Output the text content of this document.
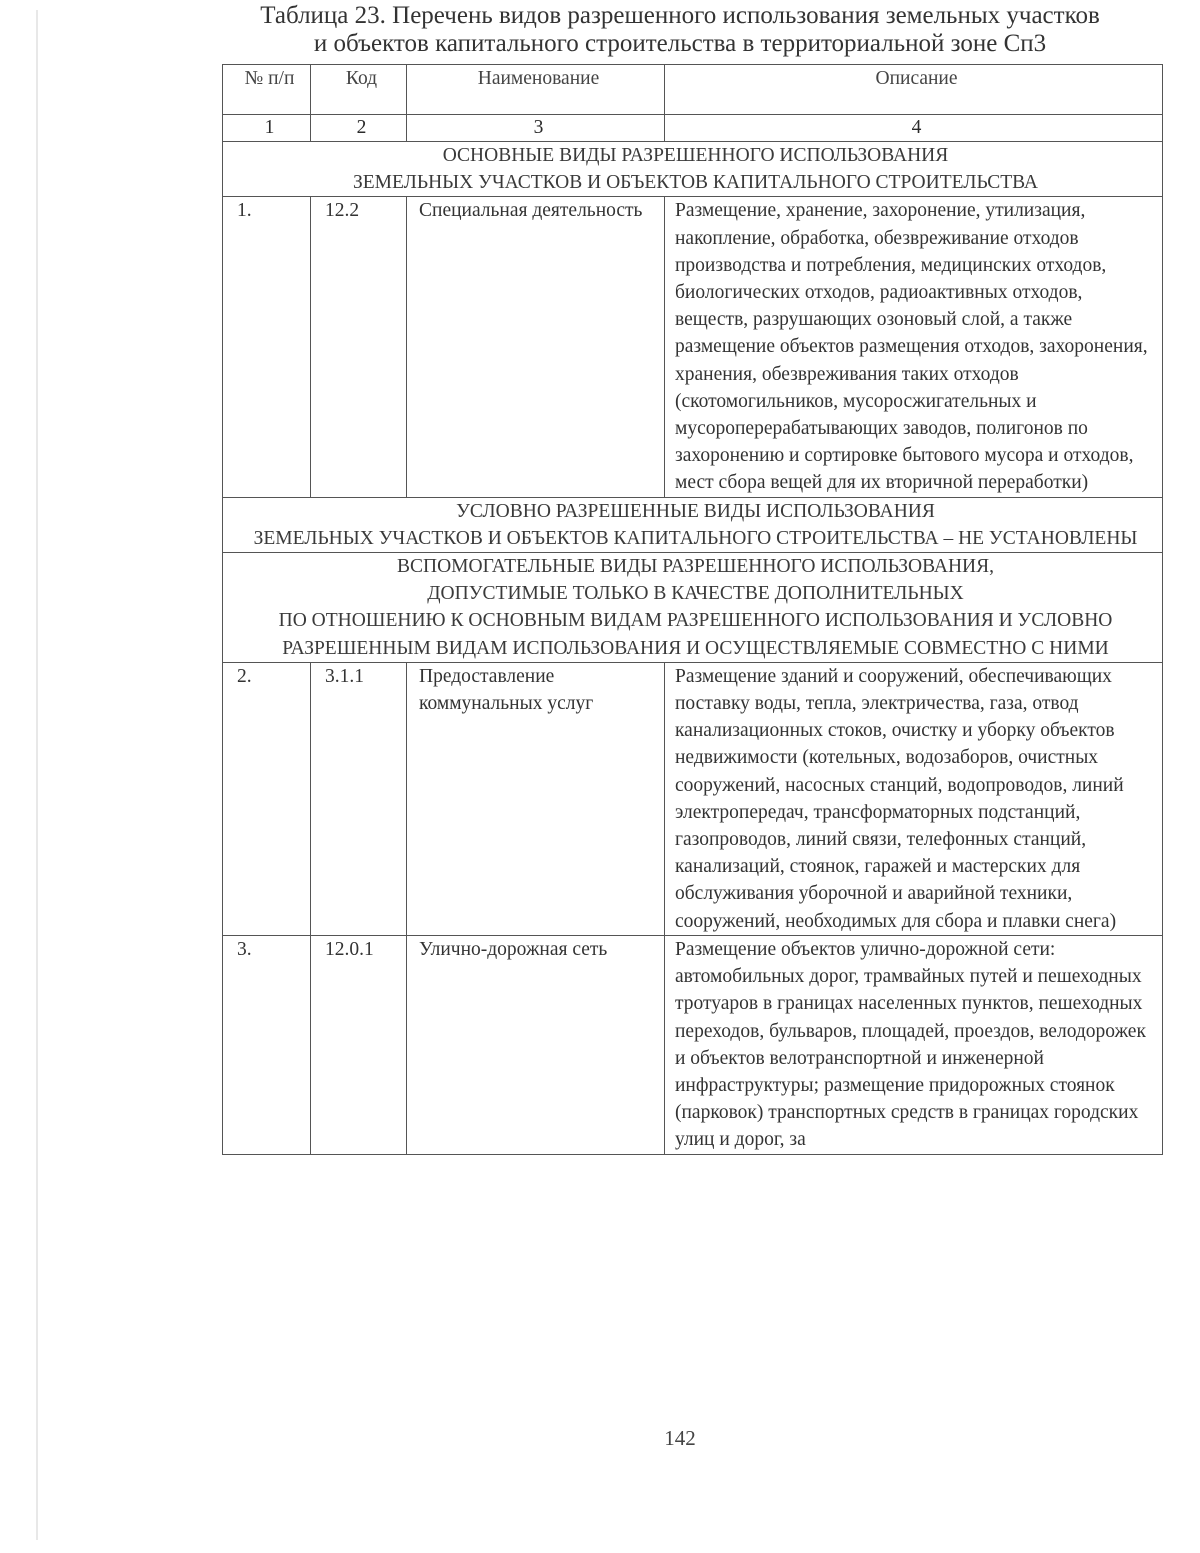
Таблица 23. Перечень видов разрешенного использования земельных участков
и объектов капитального строительства в территориальной зоне Сп3
№ п/п	Код	Наименование	Описание
1	2	3	4

ОСНОВНЫЕ ВИДЫ РАЗРЕШЕННОГО ИСПОЛЬЗОВАНИЯ
ЗЕМЕЛЬНЫХ УЧАСТКОВ И ОБЪЕКТОВ КАПИТАЛЬНОГО СТРОИТЕЛЬСТВА			

1.	12.2	Специальная деятельность	Размещение, хранение, захоронение, утилизация, накопление, обработка, обезвреживание отходов производства и потребления, медицинских отходов, биологических отходов, радиоактивных отходов, веществ, разрушающих озоновый слой, а также размещение объектов размещения отходов, захоронения, хранения, обезвреживания таких отходов (скотомогильников, мусоросжигательных и мусороперерабатывающих заводов, полигонов по захоронению и сортировке бытового мусора и отходов, мест сбора вещей для их вторичной переработки)

УСЛОВНО РАЗРЕШЕННЫЕ ВИДЫ ИСПОЛЬЗОВАНИЯ
ЗЕМЕЛЬНЫХ УЧАСТКОВ И ОБЪЕКТОВ КАПИТАЛЬНОГО СТРОИТЕЛЬСТВА – НЕ УСТАНОВЛЕНЫ			

ВСПОМОГАТЕЛЬНЫЕ ВИДЫ РАЗРЕШЕННОГО ИСПОЛЬЗОВАНИЯ,
ДОПУСТИМЫЕ ТОЛЬКО В КАЧЕСТВЕ ДОПОЛНИТЕЛЬНЫХ
ПО ОТНОШЕНИЮ К ОСНОВНЫМ ВИДАМ РАЗРЕШЕННОГО ИСПОЛЬЗОВАНИЯ И УСЛОВНО РАЗРЕШЕННЫМ ВИДАМ ИСПОЛЬЗОВАНИЯ И ОСУЩЕСТВЛЯЕМЫЕ СОВМЕСТНО С НИМИ			

2.	3.1.1	Предоставление коммунальных услуг	Размещение зданий и сооружений, обеспечивающих поставку воды, тепла, электричества, газа, отвод канализационных стоков, очистку и уборку объектов недвижимости (котельных, водозаборов, очистных сооружений, насосных станций, водопроводов, линий электропередач, трансформаторных подстанций, газопроводов, линий связи, телефонных станций, канализаций, стоянок, гаражей и мастерских для обслуживания уборочной и аварийной техники, сооружений, необходимых для сбора и плавки снега)
3.	12.0.1	Улично-дорожная сеть	Размещение объектов улично-дорожной сети: автомобильных дорог, трамвайных путей и пешеходных тротуаров в границах населенных пунктов, пешеходных переходов, бульваров, площадей, проездов, велодорожек и объектов велотранспортной и инженерной инфраструктуры; размещение придорожных стоянок (парковок) транспортных средств в границах городских улиц и дорог, за
142
